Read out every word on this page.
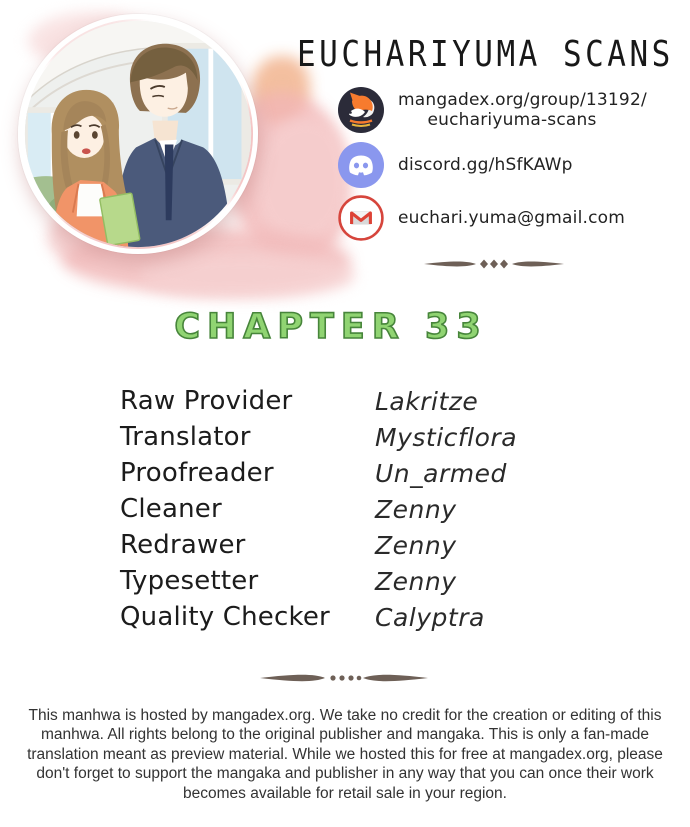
EUCHARIYUMA SCANS
mangadex.org/group/13192/
euchariyuma-scans
discord.gg/hSfKAWp
euchari.yuma@gmail.com
CHAPTER 33
Raw Provider	Lakritze
Translator	Mysticflora
Proofreader	Un_armed
Cleaner	Zenny
Redrawer	Zenny
Typesetter	Zenny
Quality Checker	Calyptra

This manhwa is hosted by mangadex.org. We take no credit for the creation or editing of this manhwa. All rights belong to the original publisher and mangaka. This is only a fan-made translation meant as preview material. While we hosted this for free at mangadex.org, please don't forget to support the mangaka and publisher in any way that you can once their work becomes available for retail sale in your region.
